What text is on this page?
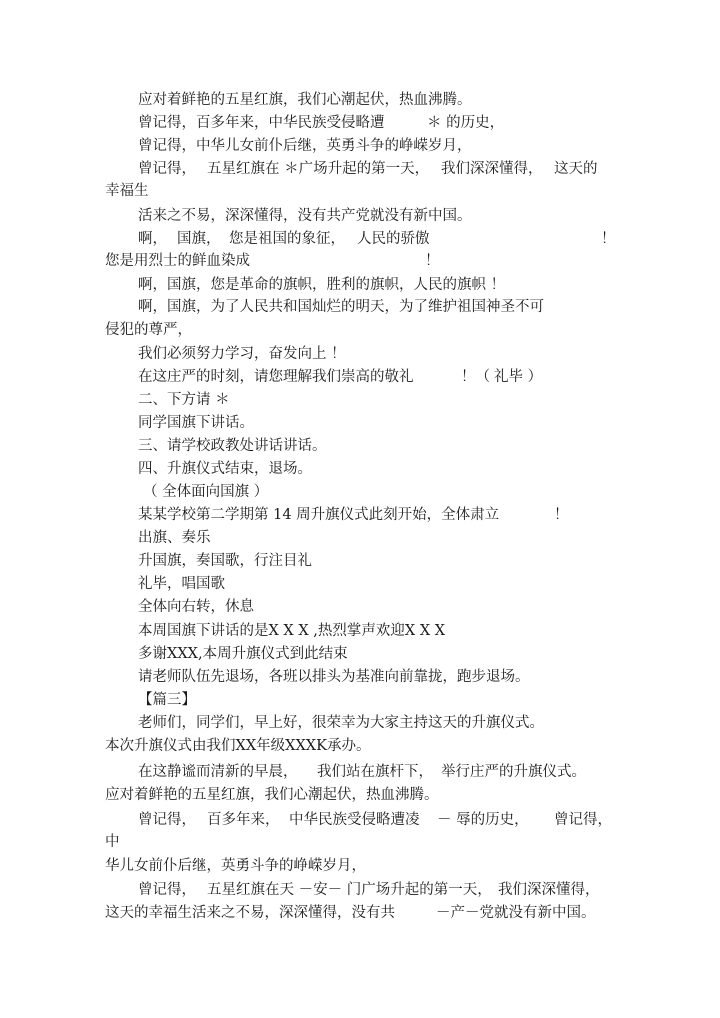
应对着鲜艳的五星红旗，我们心潮起伏，热血沸腾。

曾记得，百多年来，中华民族受侵略遭

	＊ 的历史，

曾记得，中华儿女前仆后继，英勇斗争的峥嵘岁月，

曾记得，

五星红旗在 ＊广场升起的第一天，

我们深深懂得，

这天的

幸福生

活来之不易，深深懂得，没有共产党就没有新中国。

啊，

国旗，

您是祖国的象征，

人民的骄傲

	！

您是用烈士的鲜血染成

	！

啊，国旗，您是革命的旗帜，胜利的旗帜，人民的旗帜 ！

啊，国旗，为了人民共和国灿烂的明天，为了维护祖国神圣不可

侵犯的尊严，

我们必须努力学习，奋发向上 ！

在这庄严的时刻，请您理解我们崇高的敬礼

	！（

礼毕 ）

二、下方请 ＊

同学国旗下讲话。

三、请学校政教处讲话讲话。

四、升旗仪式结束，退场。

（ 全体面向国旗 ）

某某学校第二学期第 14 周升旗仪式此刻开始，全体肃立

	！

出旗、奏乐

升国旗，奏国歌，行注目礼

礼毕，唱国歌

全体向右转，休息

本周国旗下讲话的是X X X ,热烈掌声欢迎X X X

多谢XXX,本周升旗仪式到此结束

请老师队伍先退场，各班以排头为基准向前靠拢，跑步退场。

【篇三】

老师们，同学们，早上好，很荣幸为大家主持这天的升旗仪式。

本次升旗仪式由我们XX年级XXXK承办。

在这静谧而清新的早晨，

我们站在旗杆下，

举行庄严的升旗仪式。

应对着鲜艳的五星红旗，我们心潮起伏，热血沸腾。

曾记得，

百多年来，

中华民族受侵略遭凌

－ 辱的历史，

曾记得，

中

华儿女前仆后继，英勇斗争的峥嵘岁月，

曾记得，

五星红旗在天 －安－ 门广场升起的第一天，

我们深深懂得，

这天的幸福生活来之不易，深深懂得，没有共

	－产－党就没有新中国。
